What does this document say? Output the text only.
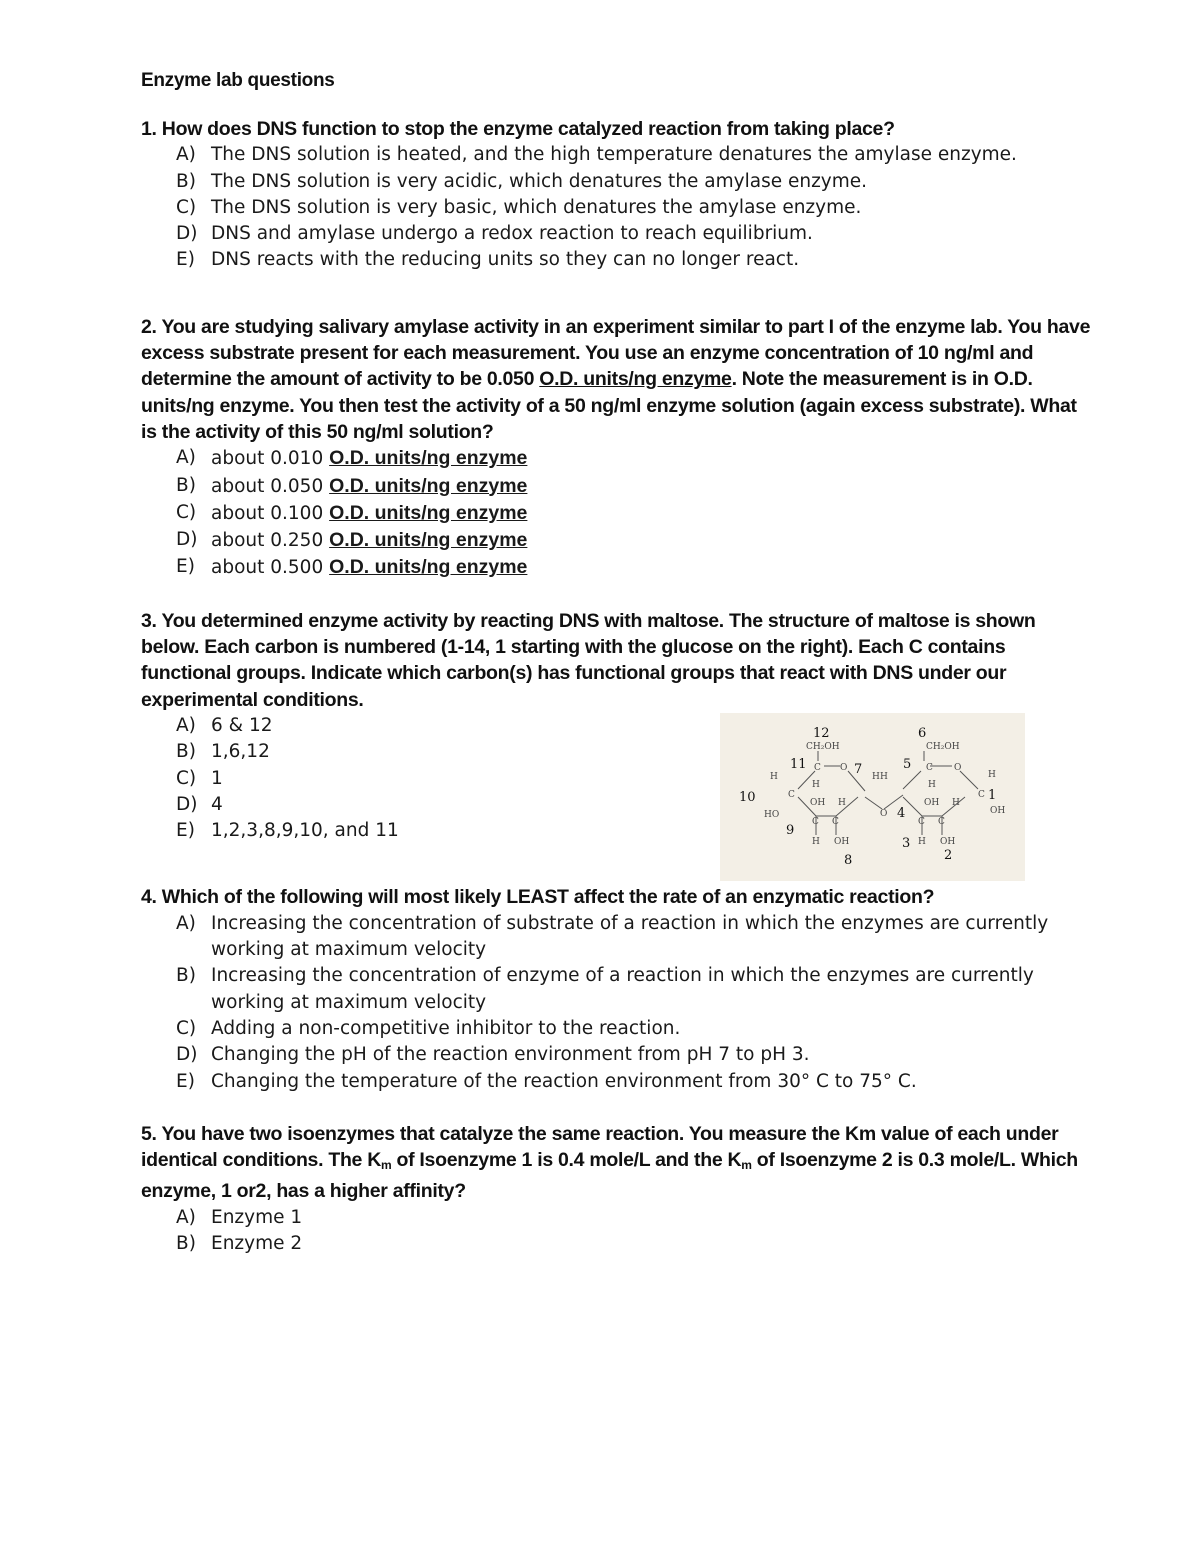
Enzyme lab questions
1. How does DNS function to stop the enzyme catalyzed reaction from taking place?
A) The DNS solution is heated, and the high temperature denatures the amylase enzyme.
B) The DNS solution is very acidic, which denatures the amylase enzyme.
C) The DNS solution is very basic, which denatures the amylase enzyme.
D) DNS and amylase undergo a redox reaction to reach equilibrium.
E) DNS reacts with the reducing units so they can no longer react.
2. You are studying salivary amylase activity in an experiment similar to part I of the enzyme lab. You have excess substrate present for each measurement. You use an enzyme concentration of 10 ng/ml and determine the amount of activity to be 0.050 O.D. units/ng enzyme. Note the measurement is in O.D. units/ng enzyme. You then test the activity of a 50 ng/ml enzyme solution (again excess substrate). What is the activity of this 50 ng/ml solution?
A) about 0.010 O.D. units/ng enzyme
B) about 0.050 O.D. units/ng enzyme
C) about 0.100 O.D. units/ng enzyme
D) about 0.250 O.D. units/ng enzyme
E) about 0.500 O.D. units/ng enzyme
3. You determined enzyme activity by reacting DNS with maltose. The structure of maltose is shown below. Each carbon is numbered (1-14, 1 starting with the glucose on the right). Each C contains functional groups. Indicate which carbon(s) has functional groups that react with DNS under our experimental conditions.
A) 6 & 12
B) 1,6,12
C) 1
D) 4
E) 1,2,3,8,9,10, and 11
12	6
11	7	5
10	1
4
9
3
2
8
CH₂OH	CH₂OH
C O	C O
H
H
H H
H
H
C	C
OH H	OH H
O
C C	C C
HO
H OH	H OH
OH
4. Which of the following will most likely LEAST affect the rate of an enzymatic reaction?
A) Increasing the concentration of substrate of a reaction in which the enzymes are currently working at maximum velocity
B) Increasing the concentration of enzyme of a reaction in which the enzymes are currently working at maximum velocity
C) Adding a non-competitive inhibitor to the reaction.
D) Changing the pH of the reaction environment from pH 7 to pH 3.
E) Changing the temperature of the reaction environment from 30° C to 75° C.
5. You have two isoenzymes that catalyze the same reaction. You measure the Km value of each under identical conditions. The $K_m$ of Isoenzyme 1 is 0.4 mole/L and the $K_m$ of Isoenzyme 2 is 0.3 mole/L. Which enzyme, 1 or2, has a higher affinity?
A) Enzyme 1
B) Enzyme 2
